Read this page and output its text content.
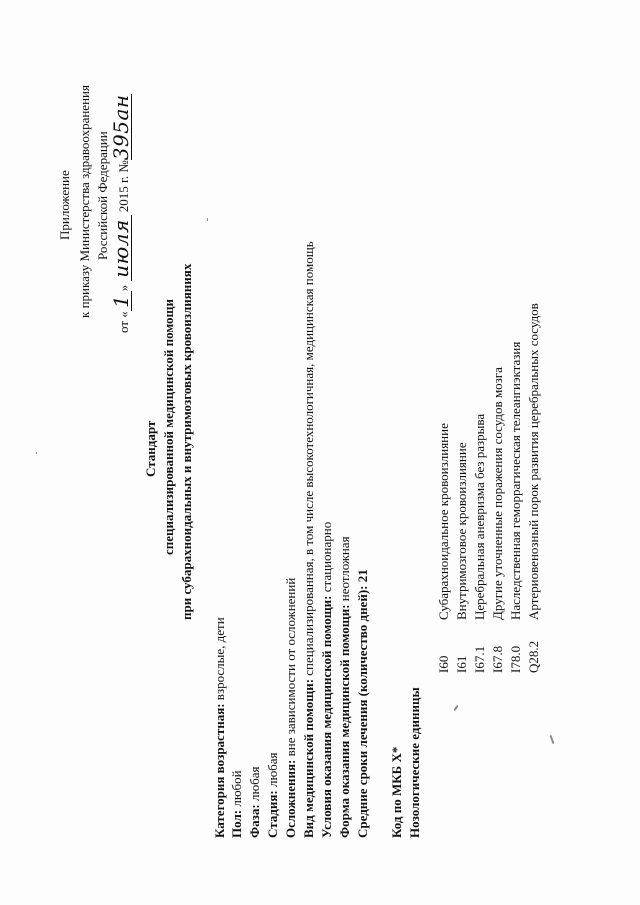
Приложение к приказу Министерства здравоохранения Российской Федерации
от «1» июля 2015 г. №395ан
Стандарт специализированной медицинской помощи при субарахноидальных и внутримозговых кровоизлияниях
Категория возрастная: взрослые, дети
Пол: любой
Фаза: любая
Стадия: любая Осложнения: вне зависимости от осложнений Вид медицинской помощи: специализированная, в том числе высокотехнологичная, медицинская помощь
Условия оказания медицинской помощи: стационарно
Форма оказания медицинской помощи: неотложная Средние сроки лечения (количество дней): 21 Код по МКБ X* Нозологические единицы
I60 I61 I67.1 I67.8 I78.0 Q28.2
Субарахноидальное кровоизлияние Внутримозговое кровоизлияние Церебральная аневризма без разрыва Другие уточненные поражения сосудов мозга Наследственная геморрагическая телеангиэктазия Артериовенозный порок развития церебральных сосудов
